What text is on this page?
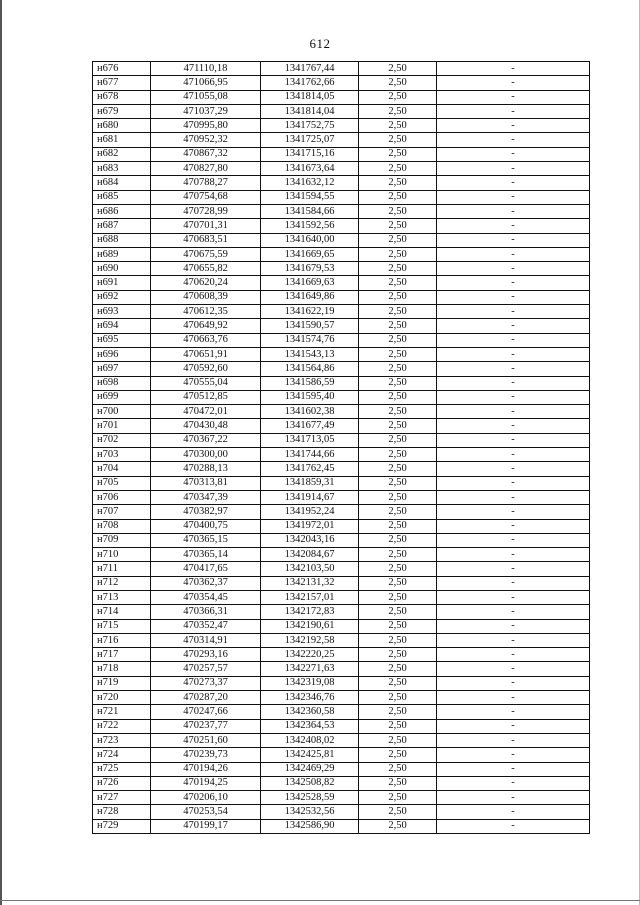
612
н676	471110,18	1341767,44	2,50	-
н677	471066,95	1341762,66	2,50	-
н678	471055,08	1341814,05	2,50	-
н679	471037,29	1341814,04	2,50	-
н680	470995,80	1341752,75	2,50	-
н681	470952,32	1341725,07	2,50	-
н682	470867,32	1341715,16	2,50	-
н683	470827,80	1341673,64	2,50	-
н684	470788,27	1341632,12	2,50	-
н685	470754,68	1341594,55	2,50	-
н686	470728,99	1341584,66	2,50	-
н687	470701,31	1341592,56	2,50	-
н688	470683,51	1341640,00	2,50	-
н689	470675,59	1341669,65	2,50	-
н690	470655,82	1341679,53	2,50	-
н691	470620,24	1341669,63	2,50	-
н692	470608,39	1341649,86	2,50	-
н693	470612,35	1341622,19	2,50	-
н694	470649,92	1341590,57	2,50	-
н695	470663,76	1341574,76	2,50	-
н696	470651,91	1341543,13	2,50	-
н697	470592,60	1341564,86	2,50	-
н698	470555,04	1341586,59	2,50	-
н699	470512,85	1341595,40	2,50	-
н700	470472,01	1341602,38	2,50	-
н701	470430,48	1341677,49	2,50	-
н702	470367,22	1341713,05	2,50	-
н703	470300,00	1341744,66	2,50	-
н704	470288,13	1341762,45	2,50	-
н705	470313,81	1341859,31	2,50	-
н706	470347,39	1341914,67	2,50	-
н707	470382,97	1341952,24	2,50	-
н708	470400,75	1341972,01	2,50	-
н709	470365,15	1342043,16	2,50	-
н710	470365,14	1342084,67	2,50	-
н711	470417,65	1342103,50	2,50	-
н712	470362,37	1342131,32	2,50	-
н713	470354,45	1342157,01	2,50	-
н714	470366,31	1342172,83	2,50	-
н715	470352,47	1342190,61	2,50	-
н716	470314,91	1342192,58	2,50	-
н717	470293,16	1342220,25	2,50	-
н718	470257,57	1342271,63	2,50	-
н719	470273,37	1342319,08	2,50	-
н720	470287,20	1342346,76	2,50	-
н721	470247,66	1342360,58	2,50	-
н722	470237,77	1342364,53	2,50	-
н723	470251,60	1342408,02	2,50	-
н724	470239,73	1342425,81	2,50	-
н725	470194,26	1342469,29	2,50	-
н726	470194,25	1342508,82	2,50	-
н727	470206,10	1342528,59	2,50	-
н728	470253,54	1342532,56	2,50	-
н729	470199,17	1342586,90	2,50	-
